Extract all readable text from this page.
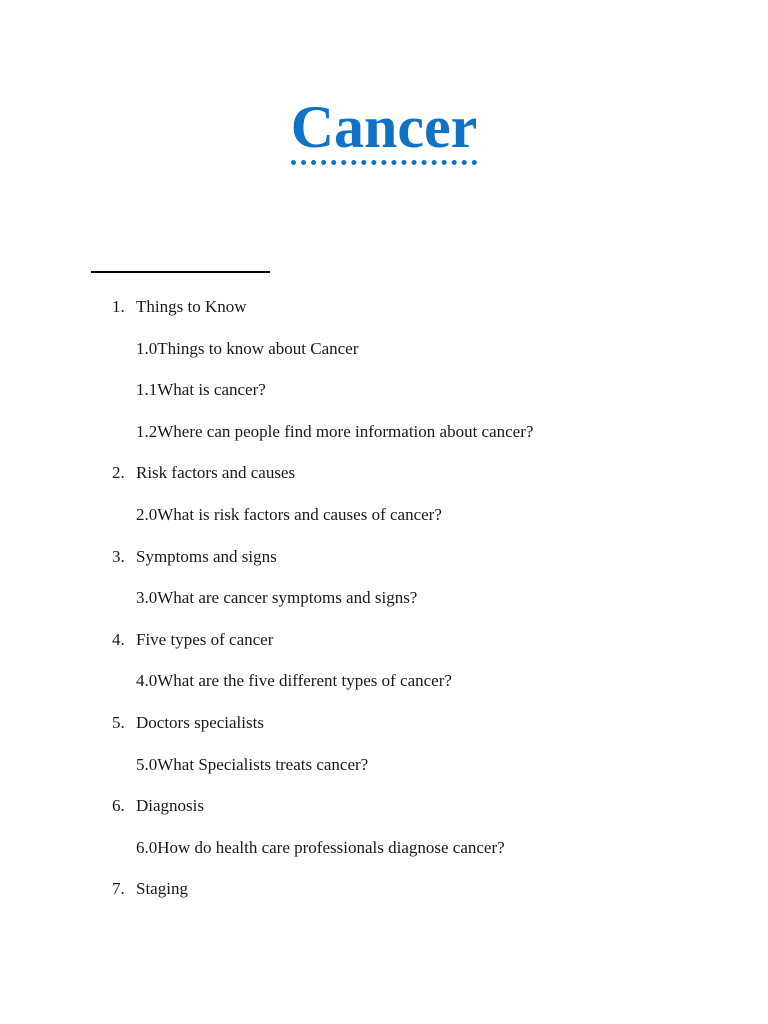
Cancer
1. Things to Know
1.0Things to know about Cancer
1.1What is cancer?
1.2Where can people find more information about cancer?
2. Risk factors and causes
2.0What is risk factors and causes of cancer?
3. Symptoms and signs
3.0What are cancer symptoms and signs?
4. Five types of cancer
4.0What are the five different types of cancer?
5. Doctors specialists
5.0What Specialists treats cancer?
6. Diagnosis
6.0How do health care professionals diagnose cancer?
7. Staging
